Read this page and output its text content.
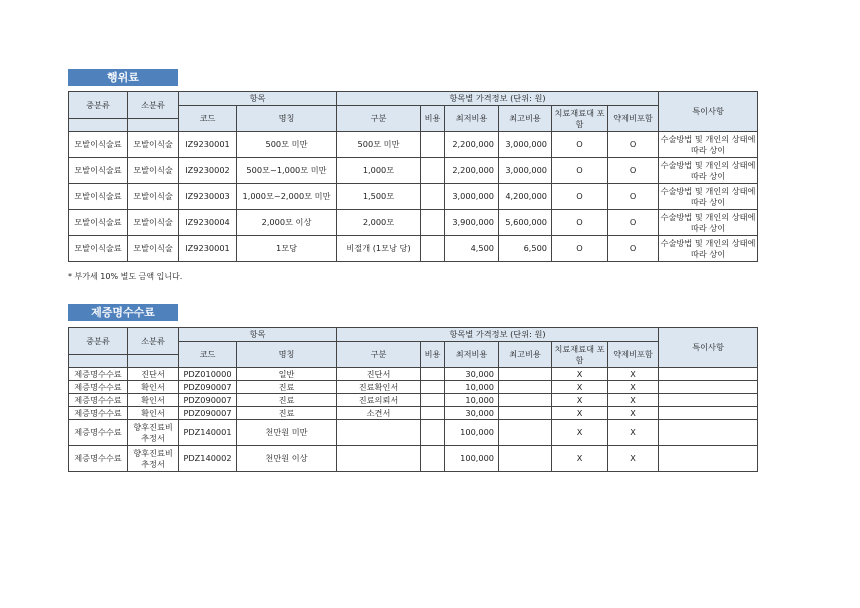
행위료
중분류	소분류	항목		항목별 가격정보 (단위: 원)						특이사항
		코드	명칭	구분	비용	최저비용	최고비용	치료재료대 포함	약제비포함	

모발이식술료	모발이식술	IZ9230001	500모 미만	500모 미만		2,200,000	3,000,000	O	O	수술방법 및 개인의 상태에 따라 상이
모발이식술료	모발이식술	IZ9230002	500모~1,000모 미만	1,000모		2,200,000	3,000,000	O	O	수술방법 및 개인의 상태에 따라 상이
모발이식술료	모발이식술	IZ9230003	1,000모~2,000모 미만	1,500모		3,000,000	4,200,000	O	O	수술방법 및 개인의 상태에 따라 상이
모발이식술료	모발이식술	IZ9230004	2,000모 이상	2,000모		3,900,000	5,600,000	O	O	수술방법 및 개인의 상태에 따라 상이
모발이식술료	모발이식술	IZ9230001	1모당	비절개 (1모낭 당)		4,500	6,500	O	O	수술방법 및 개인의 상태에 따라 상이
* 부가세 10% 별도 금액 입니다.
제증명수수료
중분류	소분류	항목		항목별 가격정보 (단위: 원)						특이사항
		코드	명칭	구분	비용	최저비용	최고비용	치료재료대 포함	약제비포함	

제증명수수료	진단서	PDZ010000	일반	진단서		30,000		X	X	
제증명수수료	확인서	PDZ090007	진료	진료확인서		10,000		X	X	
제증명수수료	확인서	PDZ090007	진료	진료의뢰서		10,000		X	X	
제증명수수료	확인서	PDZ090007	진료	소견서		30,000		X	X	
제증명수수료	향후진료비 추정서	PDZ140001	천만원 미만			100,000		X	X	
제증명수수료	향후진료비 추정서	PDZ140002	천만원 이상			100,000		X	X	
